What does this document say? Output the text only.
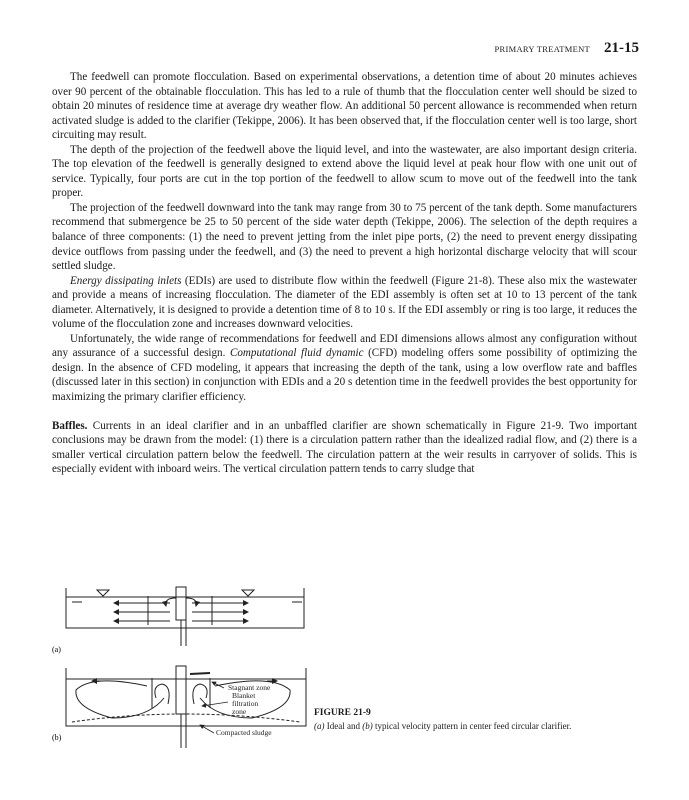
PRIMARY TREATMENT 21-15

The feedwell can promote flocculation. Based on experimental observations, a detention time of about 20 minutes achieves over 90 percent of the obtainable flocculation. This has led to a rule of thumb that the flocculation center well should be sized to obtain 20 minutes of residence time at average dry weather flow. An additional 50 percent allowance is recommended when return activated sludge is added to the clarifier (Tekippe, 2006). It has been observed that, if the flocculation center well is too large, short circuiting may result.

The depth of the projection of the feedwell above the liquid level, and into the wastewater, are also important design criteria. The top elevation of the feedwell is generally designed to extend above the liquid level at peak hour flow with one unit out of service. Typically, four ports are cut in the top portion of the feedwell to allow scum to move out of the feedwell into the tank proper.

The projection of the feedwell downward into the tank may range from 30 to 75 percent of the tank depth. Some manufacturers recommend that submergence be 25 to 50 percent of the side water depth (Tekippe, 2006). The selection of the depth requires a balance of three components: (1) the need to prevent jetting from the inlet pipe ports, (2) the need to prevent energy dissipating device outflows from passing under the feedwell, and (3) the need to prevent a high horizontal discharge velocity that will scour settled sludge.

Energy dissipating inlets (EDIs) are used to distribute flow within the feedwell (Figure 21-8). These also mix the wastewater and provide a means of increasing flocculation. The diameter of the EDI assembly is often set at 10 to 13 percent of the tank diameter. Alternatively, it is designed to provide a detention time of 8 to 10 s. If the EDI assembly or ring is too large, it reduces the volume of the flocculation zone and increases downward velocities.

Unfortunately, the wide range of recommendations for feedwell and EDI dimensions allows almost any configuration without any assurance of a successful design. Computational fluid dynamic (CFD) modeling offers some possibility of optimizing the design. In the absence of CFD modeling, it appears that increasing the depth of the tank, using a low overflow rate and baffles (discussed later in this section) in conjunction with EDIs and a 20 s detention time in the feedwell provides the best opportunity for maximizing the primary clarifier efficiency.

Baffles. Currents in an ideal clarifier and in an unbaffled clarifier are shown schematically in Figure 21-9. Two important conclusions may be drawn from the model: (1) there is a circulation pattern rather than the idealized radial flow, and (2) there is a smaller vertical circulation pattern below the feedwell. The circulation pattern at the weir results in carryover of solids. This is especially evident with inboard weirs. The vertical circulation pattern tends to carry sludge that

(a)
Stagnant zone
Blanket
filtration
zone
Compacted sludge
(b)
FIGURE 21-9
(a) Ideal and (b) typical velocity pattern in center feed circular clarifier.
